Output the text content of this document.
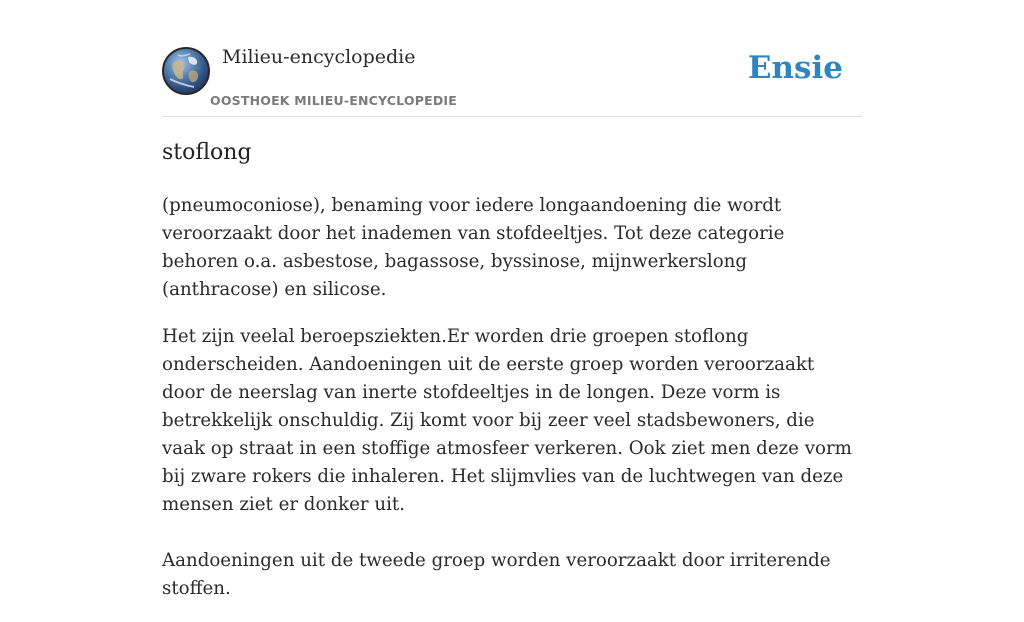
Milieu-encyclopedie
OOSTHOEK MILIEU-ENCYCLOPEDIE
Ensie
stoflong

(pneumoconiose), benaming voor iedere longaandoening die wordt veroorzaakt door het inademen van stofdeeltjes. Tot deze categorie behoren o.a. asbestose, bagassose, byssinose, mijnwerkerslong (anthracose) en silicose.

Het zijn veelal beroepsziekten.Er worden drie groepen stoflong onderscheiden. Aandoeningen uit de eerste groep worden veroorzaakt door de neerslag van inerte stofdeeltjes in de longen. Deze vorm is betrekkelijk onschuldig. Zij komt voor bij zeer veel stadsbewoners, die vaak op straat in een stoffige atmosfeer verkeren. Ook ziet men deze vorm bij zware rokers die inhaleren. Het slijmvlies van de luchtwegen van deze mensen ziet er donker uit.

Aandoeningen uit de tweede groep worden veroorzaakt door irriterende stoffen.
